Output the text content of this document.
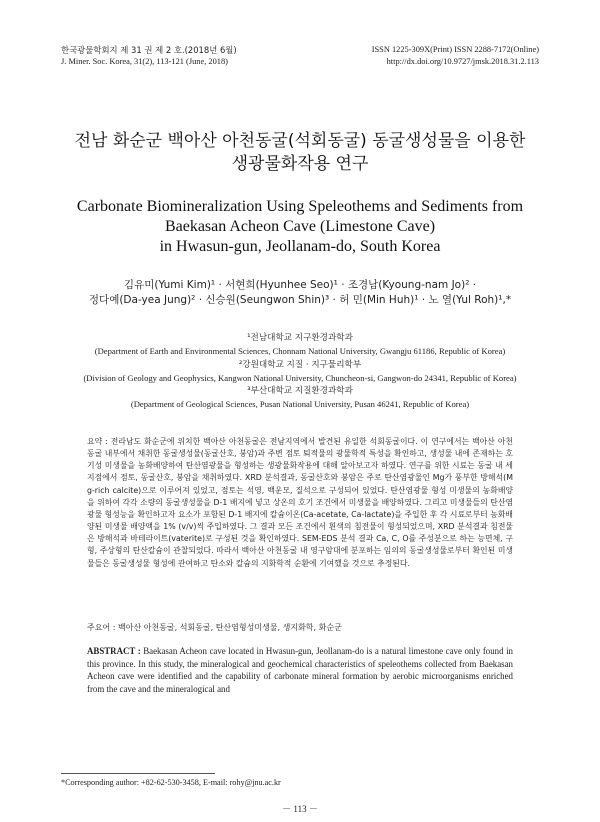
한국광물학회지 제 31 권 제 2 호.(2018년 6월)	ISSN 1225-309X(Print) ISSN 2288-7172(Online)
J. Miner. Soc. Korea, 31(2), 113-121 (June, 2018)	http://dx.doi.org/10.9727/jmsk.2018.31.2.113
전남 화순군 백아산 아천동굴(석회동굴) 동굴생성물을 이용한
생광물화작용 연구
Carbonate Biomineralization Using Speleothems and Sediments from
Baekasan Acheon Cave (Limestone Cave)
in Hwasun-gun, Jeollanam-do, South Korea
김유미(Yumi Kim)¹ · 서현희(Hyunhee Seo)¹ · 조경남(Kyoung-nam Jo)² ·
정다예(Da-yea Jung)² · 신승원(Seungwon Shin)³ · 허 민(Min Huh)¹ · 노 열(Yul Roh)¹,*
¹전남대학교 지구환경과학과
(Department of Earth and Environmental Sciences, Chonnam National University, Gwangju 61186, Republic of Korea)
²강원대학교 지질 · 지구물리학부
(Division of Geology and Geophysics, Kangwon National University, Chuncheon-si, Gangwon-do 24341, Republic of Korea)
³부산대학교 지질환경과학과
(Department of Geological Sciences, Pusan National University, Pusan 46241, Republic of Korea)
요약 : 전라남도 화순군에 위치한 백아산 아천동굴은 전남지역에서 발견된 유일한 석회동굴이다. 이 연구에서는 백아산 아천동굴 내부에서 채취한 동굴생성물(동굴산호, 붕암)과 주변 점토 퇴적물의 광물학적 특성을 확인하고, 생성물 내에 존재하는 호기성 미생물을 농화배양하여 탄산염광물을 형성하는 생광물화작용에 대해 알아보고자 하였다. 연구를 위한 시료는 동굴 내 세 지점에서 점토, 동굴산호, 붕암을 채취하였다. XRD 분석결과, 동굴산호와 붕암은 주로 탄산염광물인 Mg가 풍부한 방해석(Mg-rich calcite)으로 이루어져 있었고, 점토는 석영, 백운모, 질석으로 구성되어 있었다. 탄산염광물 형성 미생물의 농화배양을 위하여 각각 소량의 동굴생성물을 D-1 배지에 넣고 상온의 호기 조건에서 미생물을 배양하였다. 그리고 미생물들의 탄산염광물 형성능을 확인하고자 요소가 포함된 D-1 배지에 칼슘이온(Ca-acetate, Ca-lactate)을 주입한 후 각 시료로부터 농화배양된 미생물 배양액을 1% (v/v)씩 주입하였다. 그 결과 모든 조건에서 흰색의 침전물이 형성되었으며, XRD 분석결과 침전물은 방해석과 바테라이트(vaterite)로 구성된 것을 확인하였다. SEM-EDS 분석 결과 Ca, C, O를 주성분으로 하는 능면체, 구형, 주상형의 탄산칼슘이 관찰되었다. 따라서 백아산 아천동굴 내 영구암대에 분포하는 임의의 동굴생성물로부터 확인된 미생물들은 동굴생성물 형성에 관여하고 탄소와 칼슘의 지화학적 순환에 기여했을 것으로 추정된다.
주요어 : 백아산 아천동굴, 석회동굴, 탄산염형성미생물, 생지화학, 화순군
ABSTRACT : Baekasan Acheon cave located in Hwasun-gun, Jeollanam-do is a natural limestone cave only found in this province. In this study, the mineralogical and geochemical characteristics of speleothems collected from Baekasan Acheon cave were identified and the capability of carbonate mineral formation by aerobic microorganisms enriched from the cave and the mineralogical and
*Corresponding author: +82-62-530-3458, E-mail: rohy@jnu.ac.kr
－ 113 －
